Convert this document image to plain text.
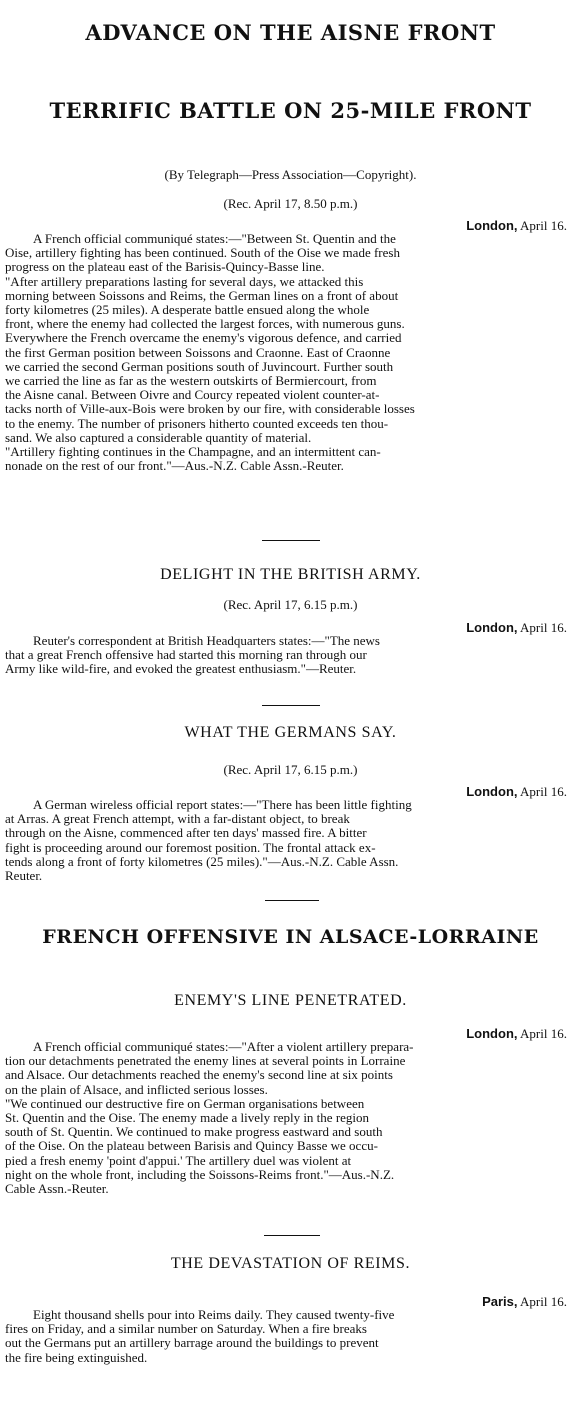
ADVANCE ON THE AISNE FRONT
TERRIFIC BATTLE ON 25-MILE FRONT
(By Telegraph—Press Association—Copyright).
(Rec. April 17, 8.50 p.m.)
London, April 16.
A French official communiqué states:—"Between St. Quentin and the
Oise, artillery fighting has been continued. South of the Oise we made fresh
progress on the plateau east of the Barisis-Quincy-Basse line.
"After artillery preparations lasting for several days, we attacked this
morning between Soissons and Reims, the German lines on a front of about
forty kilometres (25 miles). A desperate battle ensued along the whole
front, where the enemy had collected the largest forces, with numerous guns.
Everywhere the French overcame the enemy's vigorous defence, and carried
the first German position between Soissons and Craonne. East of Craonne
we carried the second German positions south of Juvincourt. Further south
we carried the line as far as the western outskirts of Bermiercourt, from
the Aisne canal. Between Oivre and Courcy repeated violent counter-at-
tacks north of Ville-aux-Bois were broken by our fire, with considerable losses
to the enemy. The number of prisoners hitherto counted exceeds ten thou-
sand. We also captured a considerable quantity of material.
"Artillery fighting continues in the Champagne, and an intermittent can-
nonade on the rest of our front."—Aus.-N.Z. Cable Assn.-Reuter.
DELIGHT IN THE BRITISH ARMY.
(Rec. April 17, 6.15 p.m.)
London, April 16.
Reuter's correspondent at British Headquarters states:—"The news
that a great French offensive had started this morning ran through our
Army like wild-fire, and evoked the greatest enthusiasm."—Reuter.
WHAT THE GERMANS SAY.
(Rec. April 17, 6.15 p.m.)
London, April 16.
A German wireless official report states:—"There has been little fighting
at Arras. A great French attempt, with a far-distant object, to break
through on the Aisne, commenced after ten days' massed fire. A bitter
fight is proceeding around our foremost position. The frontal attack ex-
tends along a front of forty kilometres (25 miles)."—Aus.-N.Z. Cable Assn.
Reuter.
FRENCH OFFENSIVE IN ALSACE-LORRAINE
ENEMY'S LINE PENETRATED.
London, April 16.
A French official communiqué states:—"After a violent artillery prepara-
tion our detachments penetrated the enemy lines at several points in Lorraine
and Alsace. Our detachments reached the enemy's second line at six points
on the plain of Alsace, and inflicted serious losses.
"We continued our destructive fire on German organisations between
St. Quentin and the Oise. The enemy made a lively reply in the region
south of St. Quentin. We continued to make progress eastward and south
of the Oise. On the plateau between Barisis and Quincy Basse we occu-
pied a fresh enemy 'point d'appui.' The artillery duel was violent at
night on the whole front, including the Soissons-Reims front."—Aus.-N.Z.
Cable Assn.-Reuter.
THE DEVASTATION OF REIMS.
Paris, April 16.
Eight thousand shells pour into Reims daily. They caused twenty-five
fires on Friday, and a similar number on Saturday. When a fire breaks
out the Germans put an artillery barrage around the buildings to prevent
the fire being extinguished.
